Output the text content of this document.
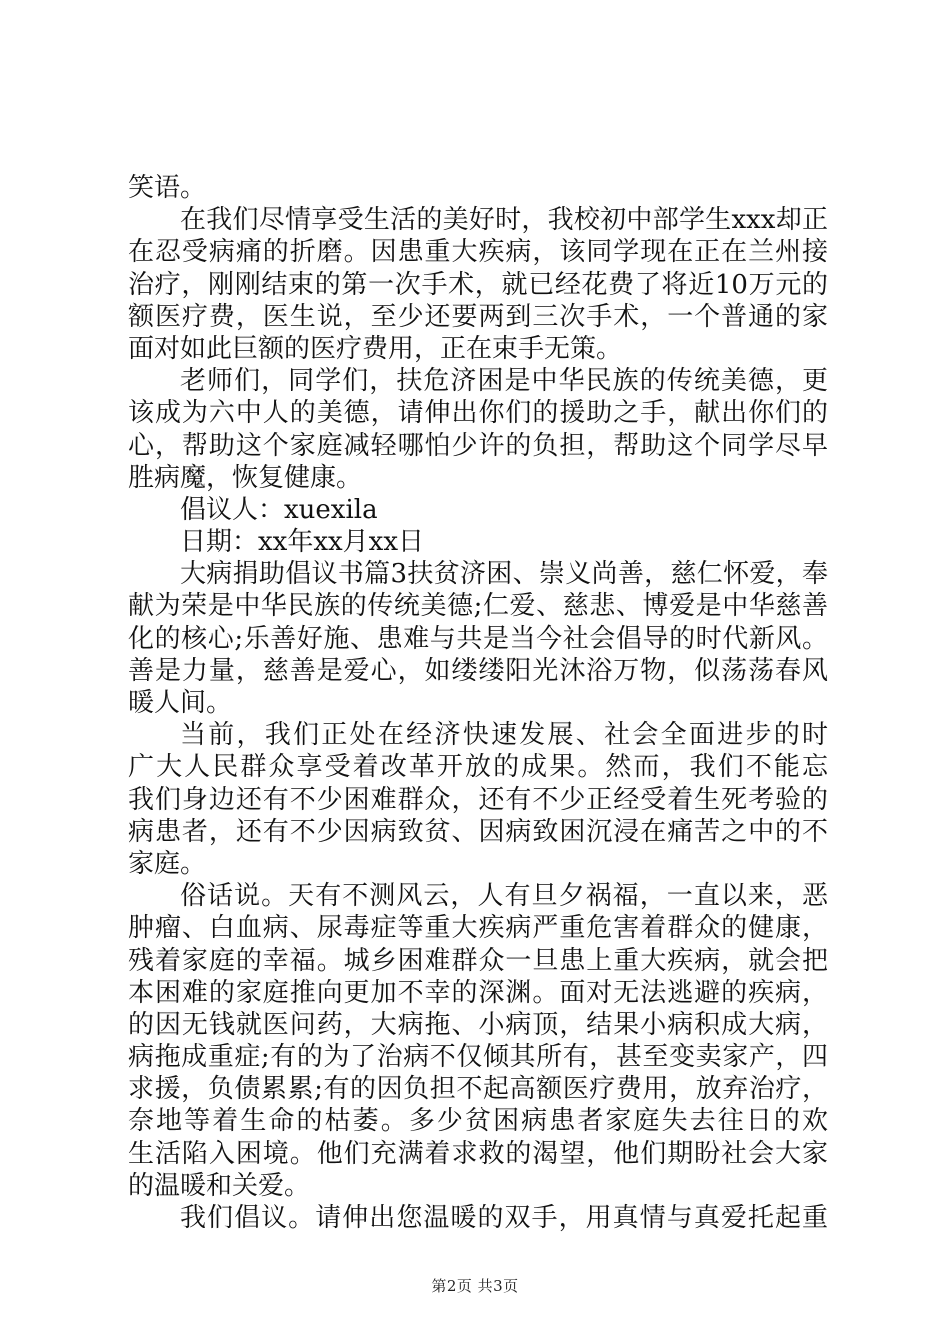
笑语。
在我们尽情享受生活的美好时，我校初中部学生xxx却正
在忍受病痛的折磨。因患重大疾病，该同学现在正在兰州接
治疗，刚刚结束的第一次手术，就已经花费了将近10万元的
额医疗费，医生说，至少还要两到三次手术，一个普通的家
面对如此巨额的医疗费用，正在束手无策。
老师们，同学们，扶危济困是中华民族的传统美德，更
该成为六中人的美德，请伸出你们的援助之手，献出你们的
心，帮助这个家庭减轻哪怕少许的负担，帮助这个同学尽早
胜病魔，恢复健康。
倡议人：xuexila
日期：xx年xx月xx日
大病捐助倡议书篇3扶贫济困、崇义尚善，慈仁怀爱，奉
献为荣是中华民族的传统美德;仁爱、慈悲、博爱是中华慈善
化的核心;乐善好施、患难与共是当今社会倡导的时代新风。
善是力量，慈善是爱心，如缕缕阳光沐浴万物，似荡荡春风
暖人间。
当前，我们正处在经济快速发展、社会全面进步的时
广大人民群众享受着改革开放的成果。然而，我们不能忘
我们身边还有不少困难群众，还有不少正经受着生死考验的
病患者，还有不少因病致贫、因病致困沉浸在痛苦之中的不
家庭。
俗话说。天有不测风云，人有旦夕祸福，一直以来，恶
肿瘤、白血病、尿毒症等重大疾病严重危害着群众的健康，
残着家庭的幸福。城乡困难群众一旦患上重大疾病，就会把
本困难的家庭推向更加不幸的深渊。面对无法逃避的疾病，
的因无钱就医问药，大病拖、小病顶，结果小病积成大病，
病拖成重症;有的为了治病不仅倾其所有，甚至变卖家产，四
求援，负债累累;有的因负担不起高额医疗费用，放弃治疗，
奈地等着生命的枯萎。多少贫困病患者家庭失去往日的欢
生活陷入困境。他们充满着求救的渴望，他们期盼社会大家
的温暖和关爱。
我们倡议。请伸出您温暖的双手，用真情与真爱托起重
第2页 共3页
